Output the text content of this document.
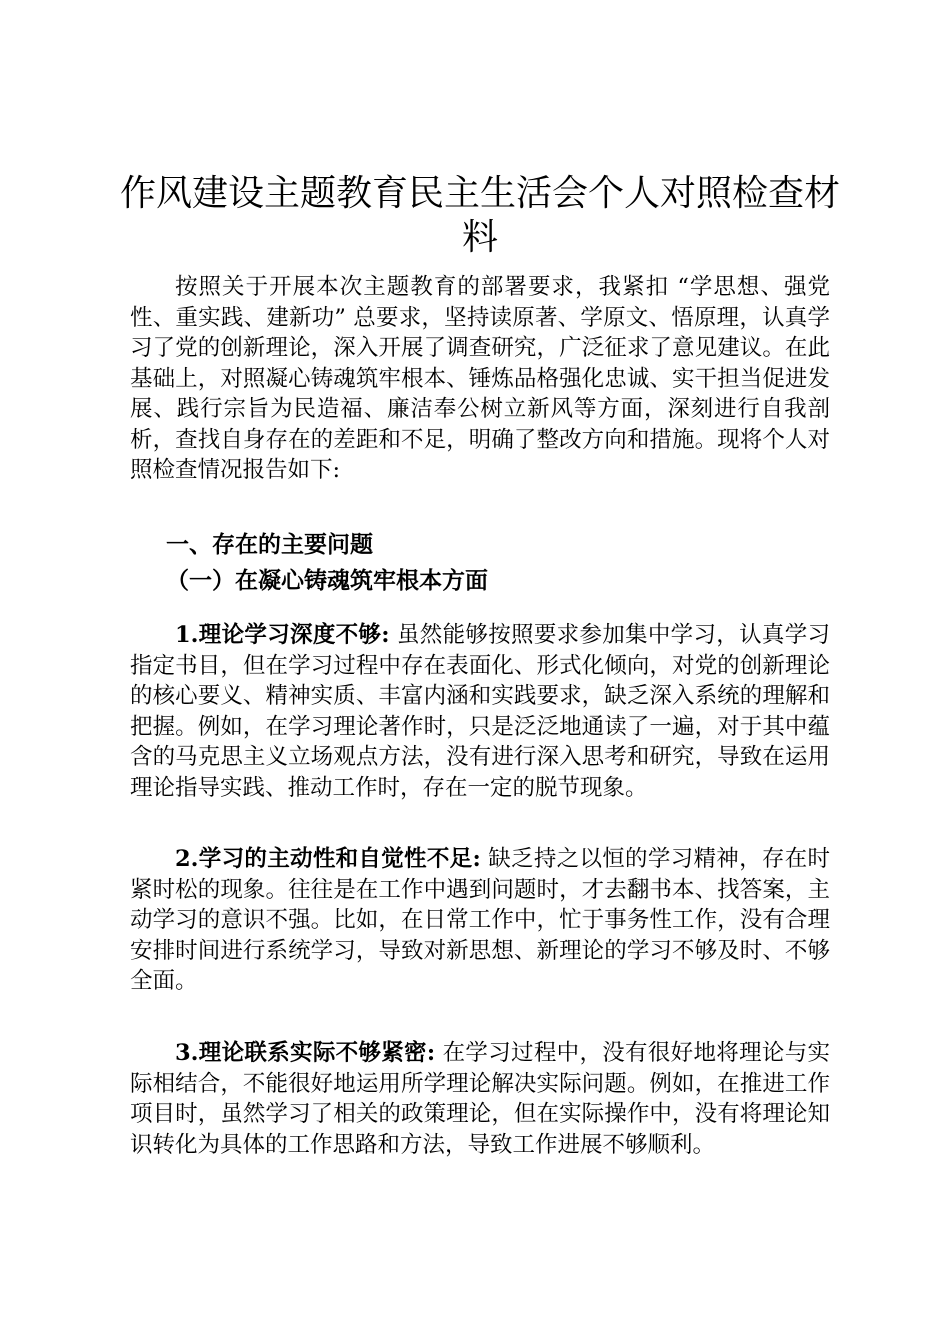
作风建设主题教育民主生活会个人对照检查材
料

按照关于开展本次主题教育的部署要求，我紧扣 “学思想、强党性、重实践、建新功” 总要求，坚持读原著、学原文、悟原理，认真学习了党的创新理论，深入开展了调查研究，广泛征求了意见建议。在此基础上，对照凝心铸魂筑牢根本、锤炼品格强化忠诚、实干担当促进发展、践行宗旨为民造福、廉洁奉公树立新风等方面，深刻进行自我剖析，查找自身存在的差距和不足，明确了整改方向和措施。现将个人对照检查情况报告如下:

一、存在的主要问题
（一）在凝心铸魂筑牢根本方面

1.理论学习深度不够: 虽然能够按照要求参加集中学习，认真学习指定书目，但在学习过程中存在表面化、形式化倾向，对党的创新理论的核心要义、精神实质、丰富内涵和实践要求，缺乏深入系统的理解和把握。例如，在学习理论著作时，只是泛泛地通读了一遍，对于其中蕴含的马克思主义立场观点方法，没有进行深入思考和研究，导致在运用理论指导实践、推动工作时，存在一定的脱节现象。

2.学习的主动性和自觉性不足: 缺乏持之以恒的学习精神，存在时紧时松的现象。往往是在工作中遇到问题时，才去翻书本、找答案，主动学习的意识不强。比如，在日常工作中，忙于事务性工作，没有合理安排时间进行系统学习，导致对新思想、新理论的学习不够及时、不够全面。

3.理论联系实际不够紧密: 在学习过程中，没有很好地将理论与实际相结合，不能很好地运用所学理论解决实际问题。例如，在推进工作项目时，虽然学习了相关的政策理论，但在实际操作中，没有将理论知识转化为具体的工作思路和方法，导致工作进展不够顺利。
